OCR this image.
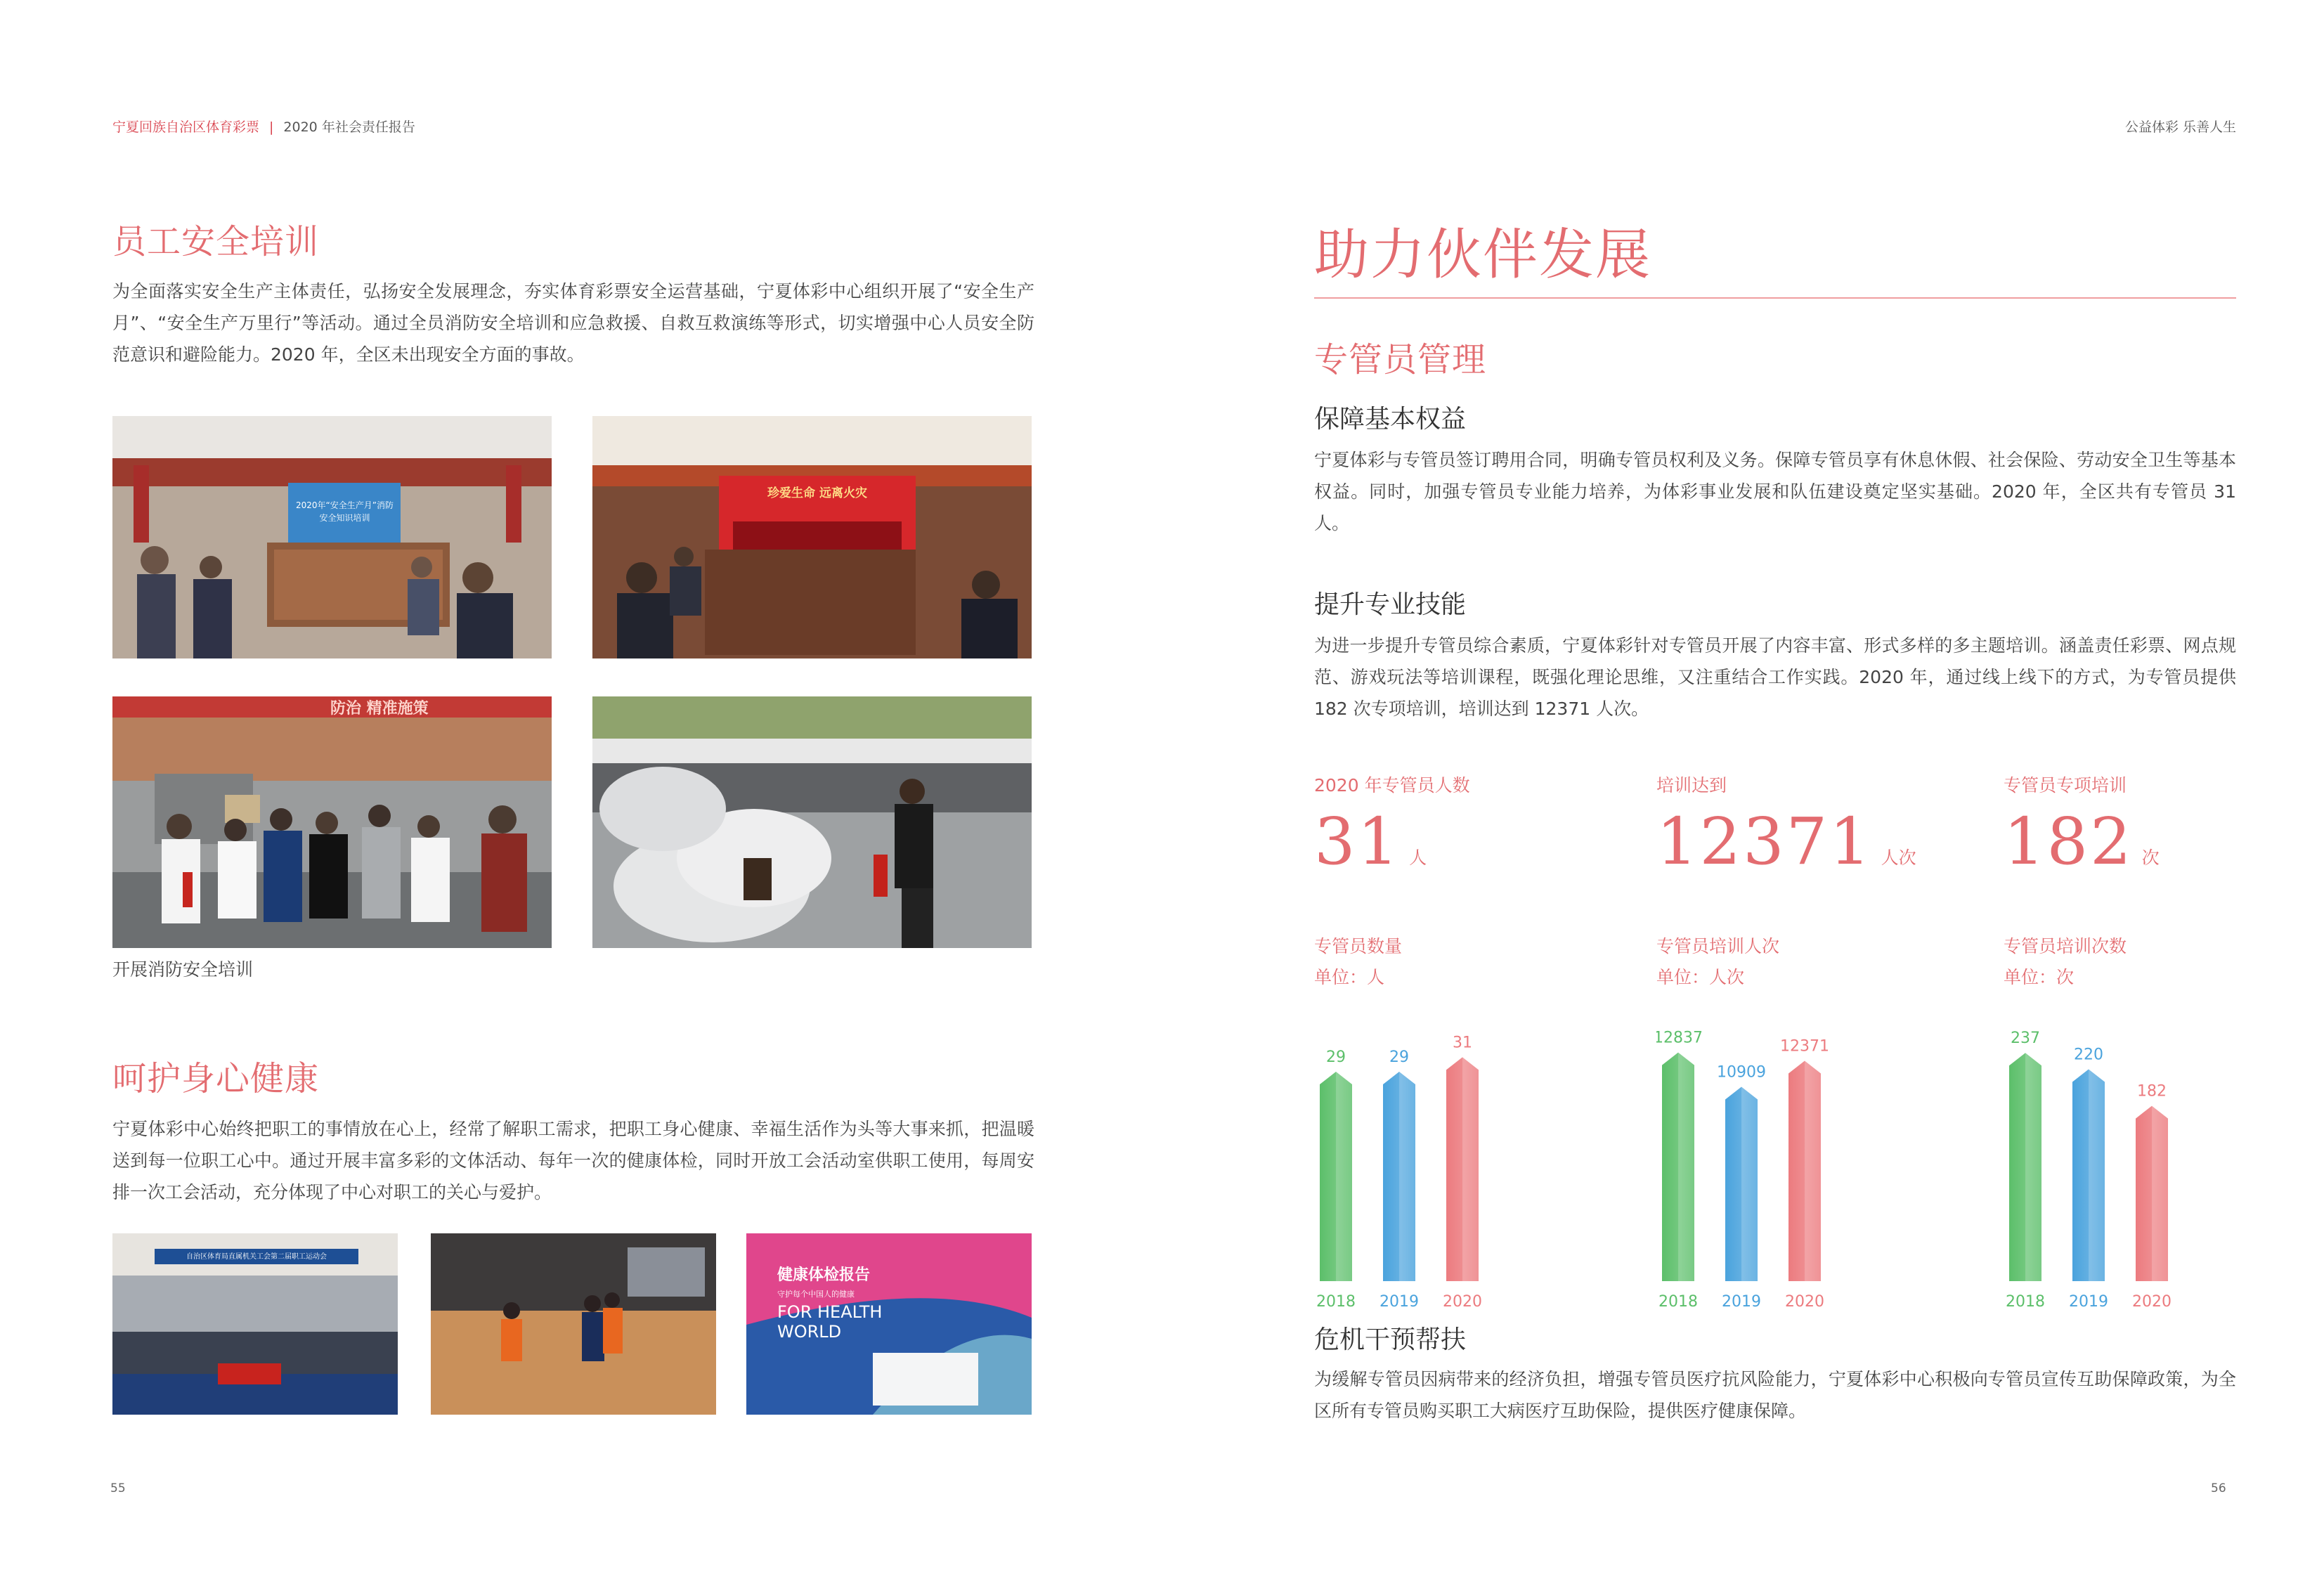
宁夏回族自治区体育彩票 | 2020 年社会责任报告	公益体彩 乐善人生
员工安全培训
为全面落实安全生产主体责任，弘扬安全发展理念，夯实体育彩票安全运营基础，宁夏体彩中心组织开展了“安全生产月”、“安全生产万里行”等活动。通过全员消防安全培训和应急救援、自救互救演练等形式，切实增强中心人员安全防范意识和避险能力。2020 年，全区未出现安全方面的事故。
2020年“安全生产月”消防安全知识培训
珍爱生命 远离火灾
防治 精准施策
开展消防安全培训
呵护身心健康
宁夏体彩中心始终把职工的事情放在心上，经常了解职工需求，把职工身心健康、幸福生活作为头等大事来抓，把温暖送到每一位职工心中。通过开展丰富多彩的文体活动、每年一次的健康体检，同时开放工会活动室供职工使用，每周安排一次工会活动，充分体现了中心对职工的关心与爱护。
自治区体育局直属机关工会第二届职工运动会
健康体检报告
守护每个中国人的健康
FOR HEALTH
WORLD
55
助力伙伴发展
专管员管理
保障基本权益
宁夏体彩与专管员签订聘用合同，明确专管员权利及义务。保障专管员享有休息休假、社会保险、劳动安全卫生等基本权益。同时，加强专管员专业能力培养，为体彩事业发展和队伍建设奠定坚实基础。2020 年，全区共有专管员 31 人。
提升专业技能
为进一步提升专管员综合素质，宁夏体彩针对专管员开展了内容丰富、形式多样的多主题培训。涵盖责任彩票、网点规范、游戏玩法等培训课程，既强化理论思维，又注重结合工作实践。2020 年，通过线上线下的方式，为专管员提供 182 次专项培训，培训达到 12371 人次。
2020 年专管员人数
31 人
培训达到
12371 人次
专管员专项培训
182 次
专管员数量
单位：人
29
2018
29
2019
31
2020
专管员培训人次
单位：人次
12837
2018
10909
2019
12371
2020
专管员培训次数
单位：次
237
2018
220
2019
182
2020
危机干预帮扶
为缓解专管员因病带来的经济负担，增强专管员医疗抗风险能力，宁夏体彩中心积极向专管员宣传互助保障政策，为全区所有专管员购买职工大病医疗互助保险，提供医疗健康保障。
56
